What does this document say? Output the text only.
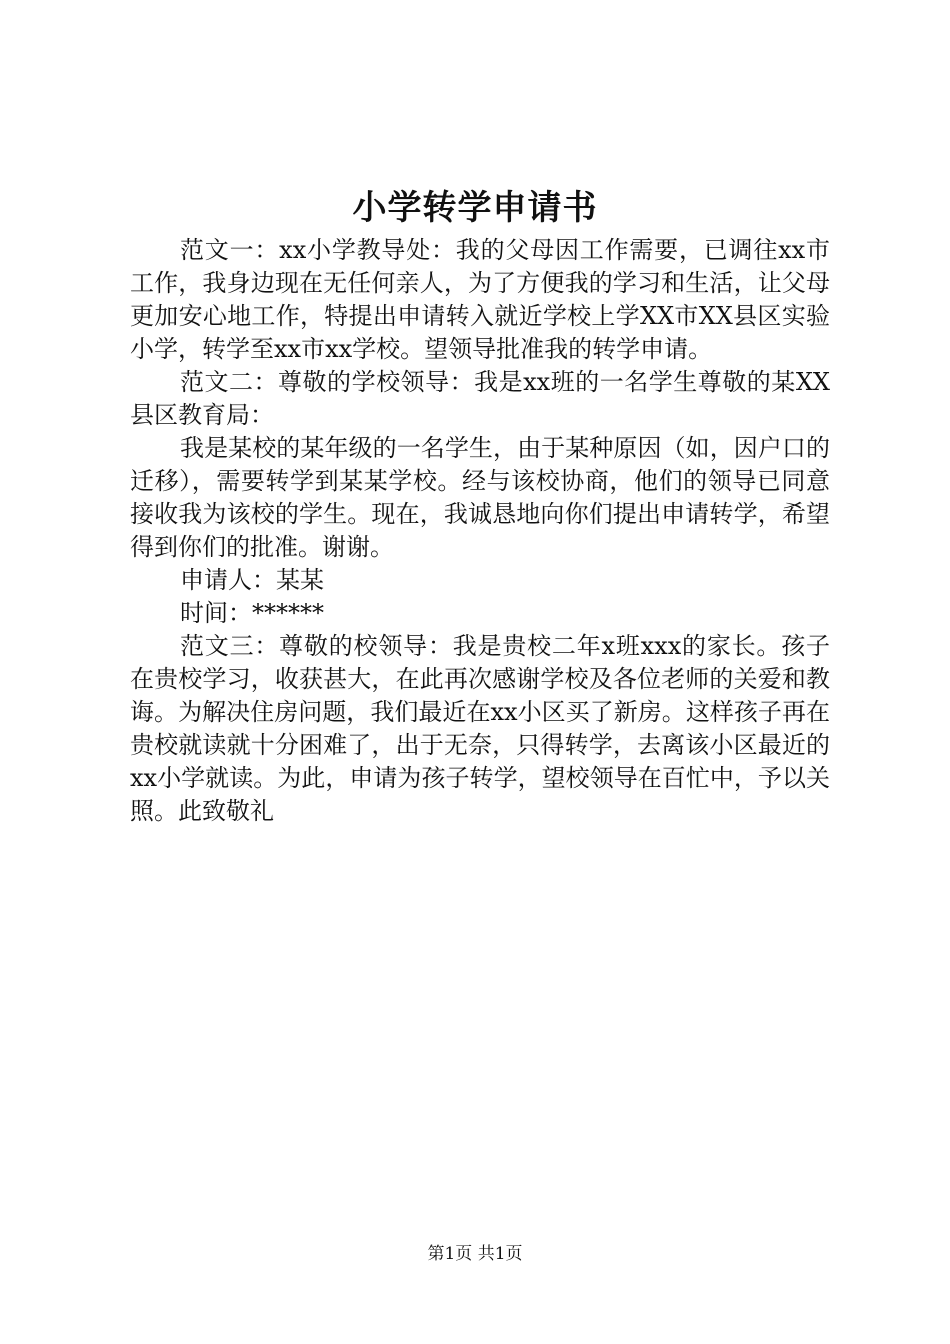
小学转学申请书

范文一：xx小学教导处：我的父母因工作需要，已调往xx市工作，我身边现在无任何亲人，为了方便我的学习和生活，让父母更加安心地工作，特提出申请转入就近学校上学XX市XX县区实验小学，转学至xx市xx学校。望领导批准我的转学申请。

范文二：尊敬的学校领导：我是xx班的一名学生尊敬的某XX县区教育局：

我是某校的某年级的一名学生，由于某种原因（如，因户口的迁移），需要转学到某某学校。经与该校协商，他们的领导已同意接收我为该校的学生。现在，我诚恳地向你们提出申请转学，希望得到你们的批准。谢谢。

申请人：某某

时间：******

范文三：尊敬的校领导：我是贵校二年x班xxx的家长。孩子在贵校学习，收获甚大，在此再次感谢学校及各位老师的关爱和教诲。为解决住房问题，我们最近在xx小区买了新房。这样孩子再在贵校就读就十分困难了，出于无奈，只得转学，去离该小区最近的xx小学就读。为此，申请为孩子转学，望校领导在百忙中，予以关照。此致敬礼

第1页 共1页
